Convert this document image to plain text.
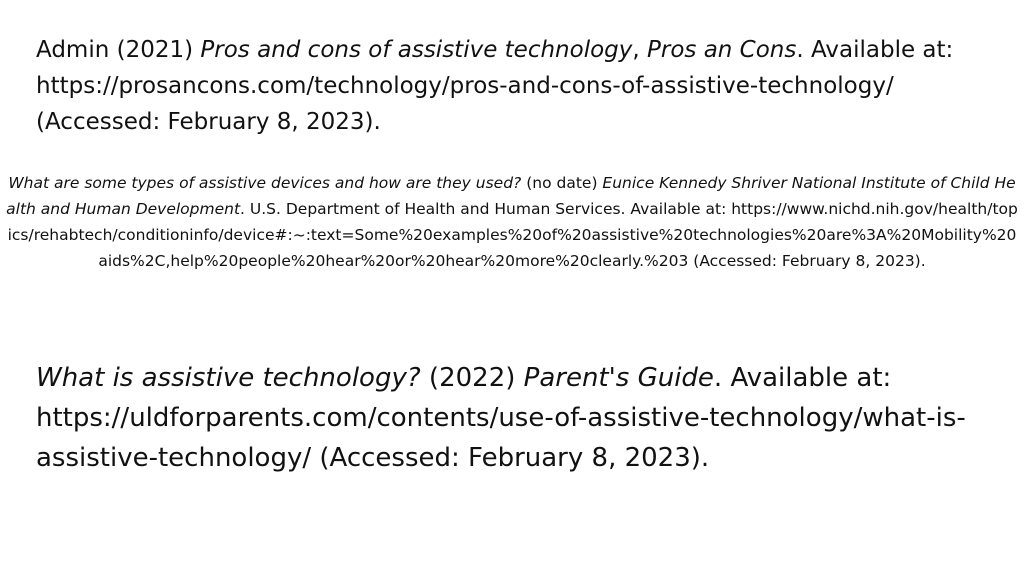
Admin (2021) Pros and cons of assistive technology, Pros an Cons. Available at: https://prosancons.com/technology/pros-and-cons-of-assistive-technology/ (Accessed: February 8, 2023).

What are some types of assistive devices and how are they used? (no date) Eunice Kennedy Shriver National Institute of Child Health and Human Development. U.S. Department of Health and Human Services. Available at: https://www.nichd.nih.gov/health/topics/rehabtech/conditioninfo/device#:~:text=Some%20examples%20of%20assistive%20technologies%20are%3A%20Mobility%20aids%2C,help%20people%20hear%20or%20hear%20more%20clearly.%203 (Accessed: February 8, 2023).

What is assistive technology? (2022) Parent's Guide. Available at: https://uldforparents.com/contents/use-of-assistive-technology/what-is-assistive-technology/ (Accessed: February 8, 2023).
